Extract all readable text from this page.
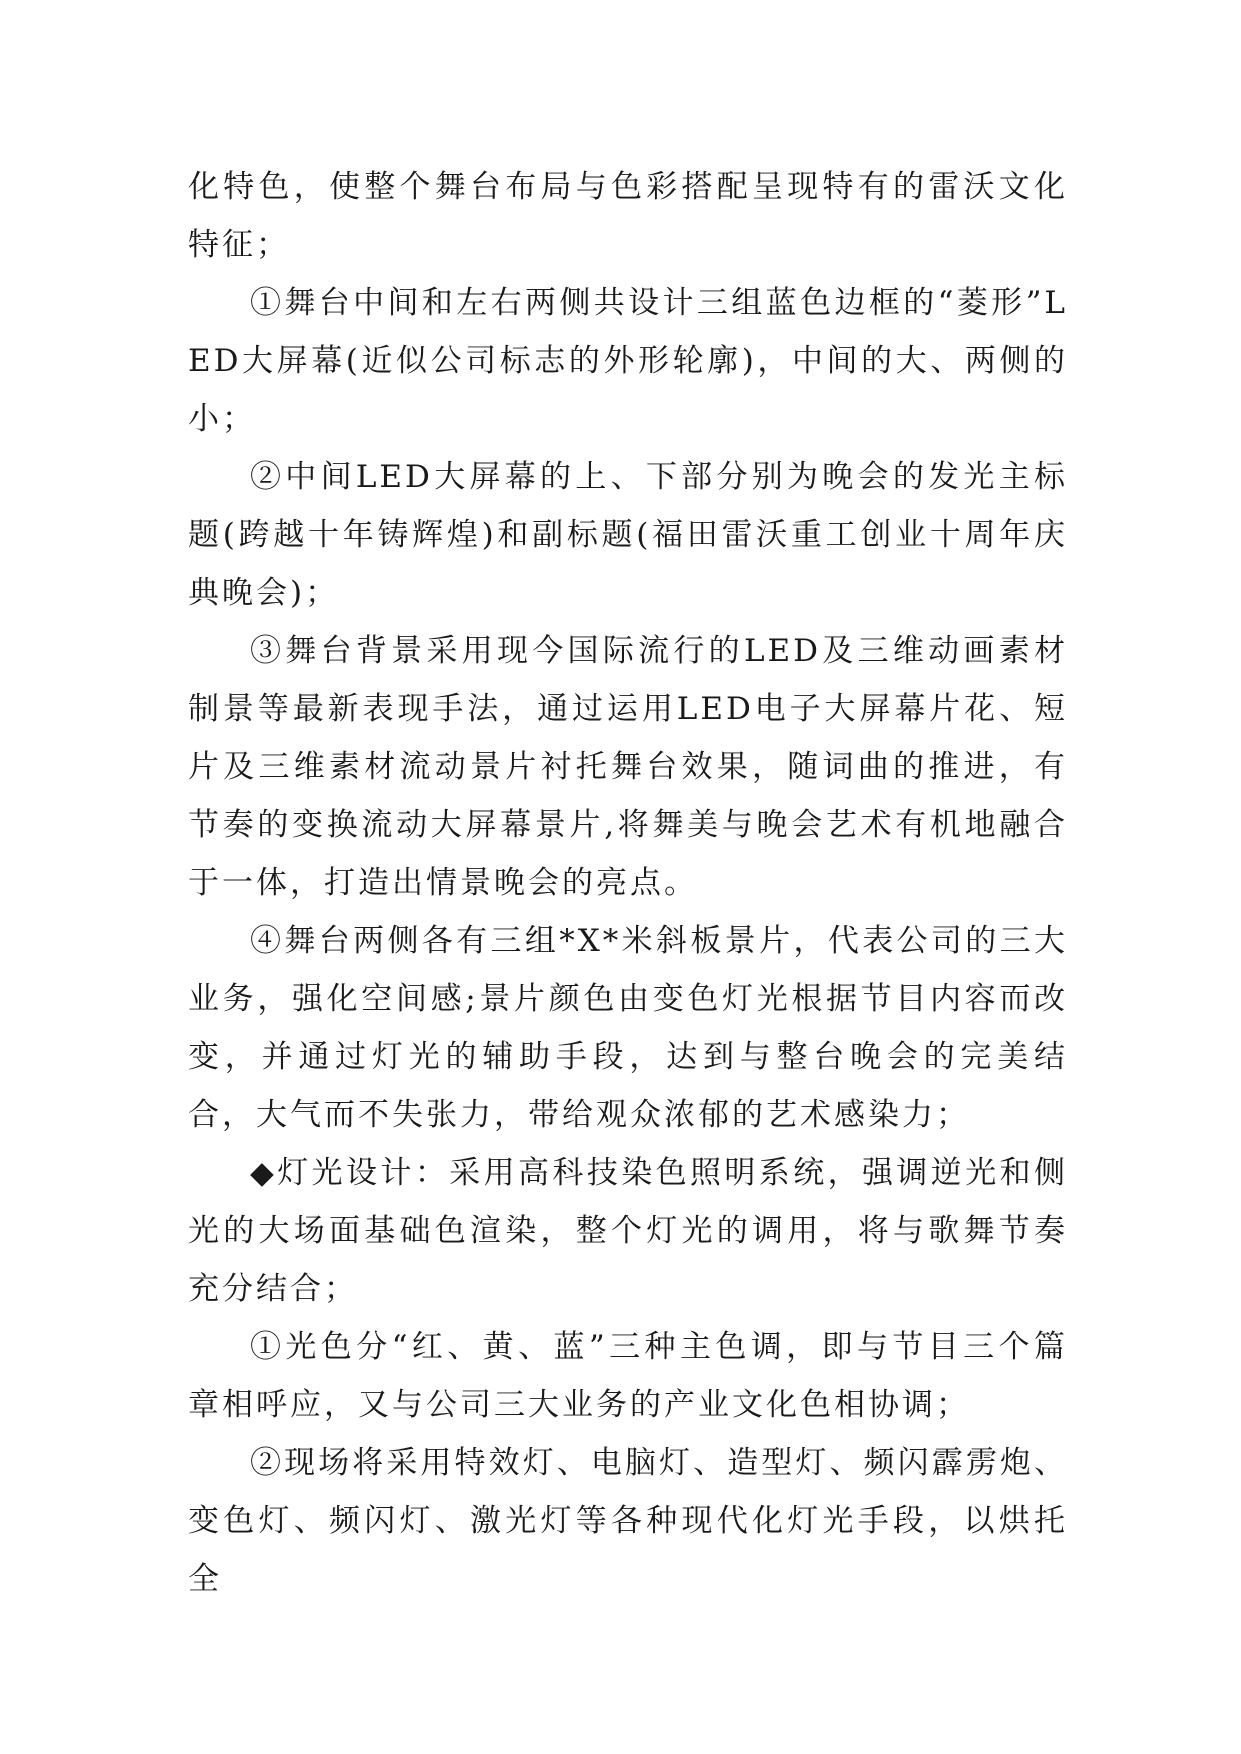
化特色，使整个舞台布局与色彩搭配呈现特有的雷沃文化特征；

①舞台中间和左右两侧共设计三组蓝色边框的“菱形”LED大屏幕(近似公司标志的外形轮廓)，中间的大、两侧的小；

②中间LED大屏幕的上、下部分别为晚会的发光主标题(跨越十年铸辉煌)和副标题(福田雷沃重工创业十周年庆典晚会)；

③舞台背景采用现今国际流行的LED及三维动画素材制景等最新表现手法，通过运用LED电子大屏幕片花、短片及三维素材流动景片衬托舞台效果，随词曲的推进，有节奏的变换流动大屏幕景片,将舞美与晚会艺术有机地融合于一体，打造出情景晚会的亮点。

④舞台两侧各有三组*X*米斜板景片，代表公司的三大业务，强化空间感;景片颜色由变色灯光根据节目内容而改变，并通过灯光的辅助手段，达到与整台晚会的完美结合，大气而不失张力，带给观众浓郁的艺术感染力；

◆灯光设计：采用高科技染色照明系统，强调逆光和侧光的大场面基础色渲染，整个灯光的调用，将与歌舞节奏充分结合；

①光色分“红、黄、蓝”三种主色调，即与节目三个篇章相呼应，又与公司三大业务的产业文化色相协调；

②现场将采用特效灯、电脑灯、造型灯、频闪霹雳炮、变色灯、频闪灯、激光灯等各种现代化灯光手段，以烘托全
